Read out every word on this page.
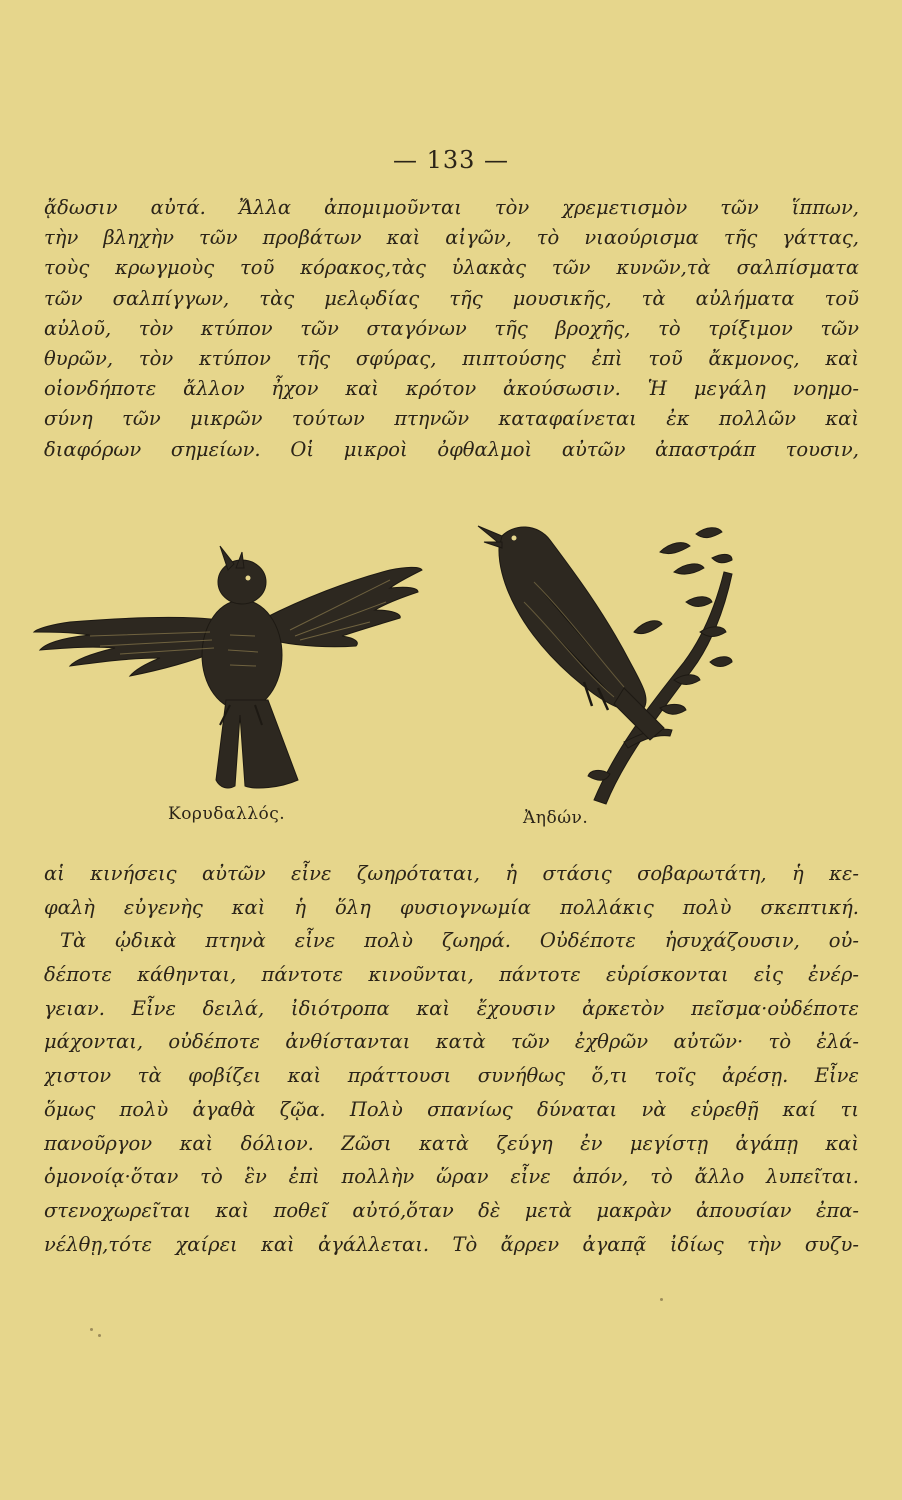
— 133 —
ᾄδωσιν αὐτά. Ἄλλα ἀπομιμοῦνται τὸν χρεμετισμὸν τῶν ἵππων,
τὴν βληχὴν τῶν προβάτων καὶ αἰγῶν, τὸ νιαούρισμα τῆς γάττας,
τοὺς κρωγμοὺς τοῦ κόρακος,τὰς ὑλακὰς τῶν κυνῶν,τὰ σαλπίσματα
τῶν σαλπίγγων, τὰς μελῳδίας τῆς μουσικῆς, τὰ αὐλήματα τοῦ
αὐλοῦ, τὸν κτύπον τῶν σταγόνων τῆς βροχῆς, τὸ τρίξιμον τῶν
θυρῶν, τὸν κτύπον τῆς σφύρας, πιπτούσης ἐπὶ τοῦ ἄκμονος, καὶ
οἱονδήποτε ἄλλον ἦχον καὶ κρότον ἀκούσωσιν. Ἡ μεγάλη νοημο-
σύνη τῶν μικρῶν τούτων πτηνῶν καταφαίνεται ἐκ πολλῶν καὶ
διαφόρων σημείων. Οἱ μικροὶ ὀφθαλμοὶ αὐτῶν ἀπαστράπ τουσιν,
Κορυδαλλός.	Ἀηδών.
αἱ κινήσεις αὐτῶν εἶνε ζωηρόταται, ἡ στάσις σοβαρωτάτη, ἡ κε-
φαλὴ εὐγενὴς καὶ ἡ ὅλη φυσιογνωμία πολλάκις πολὺ σκεπτική.
Τὰ ᾠδικὰ πτηνὰ εἶνε πολὺ ζωηρά. Οὐδέποτε ἡσυχάζουσιν, οὐ-
δέποτε κάθηνται, πάντοτε κινοῦνται, πάντοτε εὑρίσκονται εἰς ἐνέρ-
γειαν. Εἶνε δειλά, ἰδιότροπα καὶ ἔχουσιν ἀρκετὸν πεῖσμα·οὐδέποτε
μάχονται, οὐδέποτε ἀνθίστανται κατὰ τῶν ἐχθρῶν αὐτῶν· τὸ ἐλά-
χιστον τὰ φοβίζει καὶ πράττουσι συνήθως ὅ,τι τοῖς ἀρέσῃ. Εἶνε
ὅμως πολὺ ἀγαθὰ ζῷα. Πολὺ σπανίως δύναται νὰ εὑρεθῇ καί τι
πανοῦργον καὶ δόλιον. Ζῶσι κατὰ ζεύγη ἐν μεγίστῃ ἀγάπῃ καὶ
ὁμονοίᾳ·ὅταν τὸ ἓν ἐπὶ πολλὴν ὥραν εἶνε ἀπόν, τὸ ἄλλο λυπεῖται.
στενοχωρεῖται καὶ ποθεῖ αὐτό,ὅταν δὲ μετὰ μακρὰν ἀπουσίαν ἐπα-
νέλθῃ,τότε χαίρει καὶ ἀγάλλεται. Τὸ ἄρρεν ἀγαπᾷ ἰδίως τὴν συζυ-
